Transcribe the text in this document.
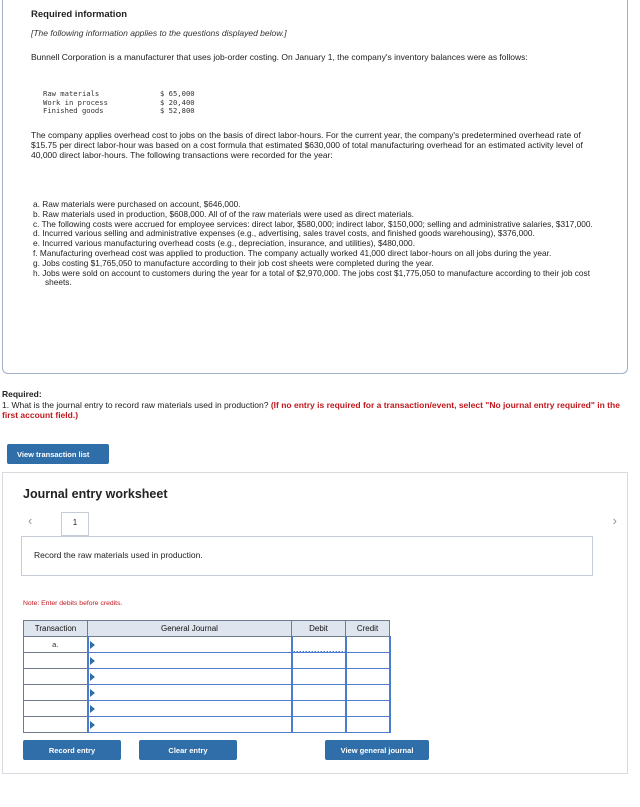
Required information
[The following information applies to the questions displayed below.]
Bunnell Corporation is a manufacturer that uses job-order costing. On January 1, the company's inventory balances were as follows:
Raw materials	$ 65,000
Work in process	$ 20,400
Finished goods	$ 52,800
The company applies overhead cost to jobs on the basis of direct labor-hours. For the current year, the company's predetermined overhead rate of $15.75 per direct labor-hour was based on a cost formula that estimated $630,000 of total manufacturing overhead for an estimated activity level of 40,000 direct labor-hours. The following transactions were recorded for the year:
a. Raw materials were purchased on account, $646,000.
b. Raw materials used in production, $608,000. All of of the raw materials were used as direct materials.
c. The following costs were accrued for employee services: direct labor, $580,000; indirect labor, $150,000; selling and administrative salaries, $317,000.
d. Incurred various selling and administrative expenses (e.g., advertising, sales travel costs, and finished goods warehousing), $376,000.
e. Incurred various manufacturing overhead costs (e.g., depreciation, insurance, and utilities), $480,000.
f. Manufacturing overhead cost was applied to production. The company actually worked 41,000 direct labor-hours on all jobs during the year.
g. Jobs costing $1,765,050 to manufacture according to their job cost sheets were completed during the year.
h. Jobs were sold on account to customers during the year for a total of $2,970,000. The jobs cost $1,775,050 to manufacture according to their job cost sheets.
Required:
1. What is the journal entry to record raw materials used in production? (If no entry is required for a transaction/event, select "No journal entry required" in the first account field.)
View transaction list
Journal entry worksheet
‹	1	›
Record the raw materials used in production.
Note: Enter debits before credits.
Transaction	General Journal	Debit	Credit
a.			

Record entry	Clear entry	View general journal
